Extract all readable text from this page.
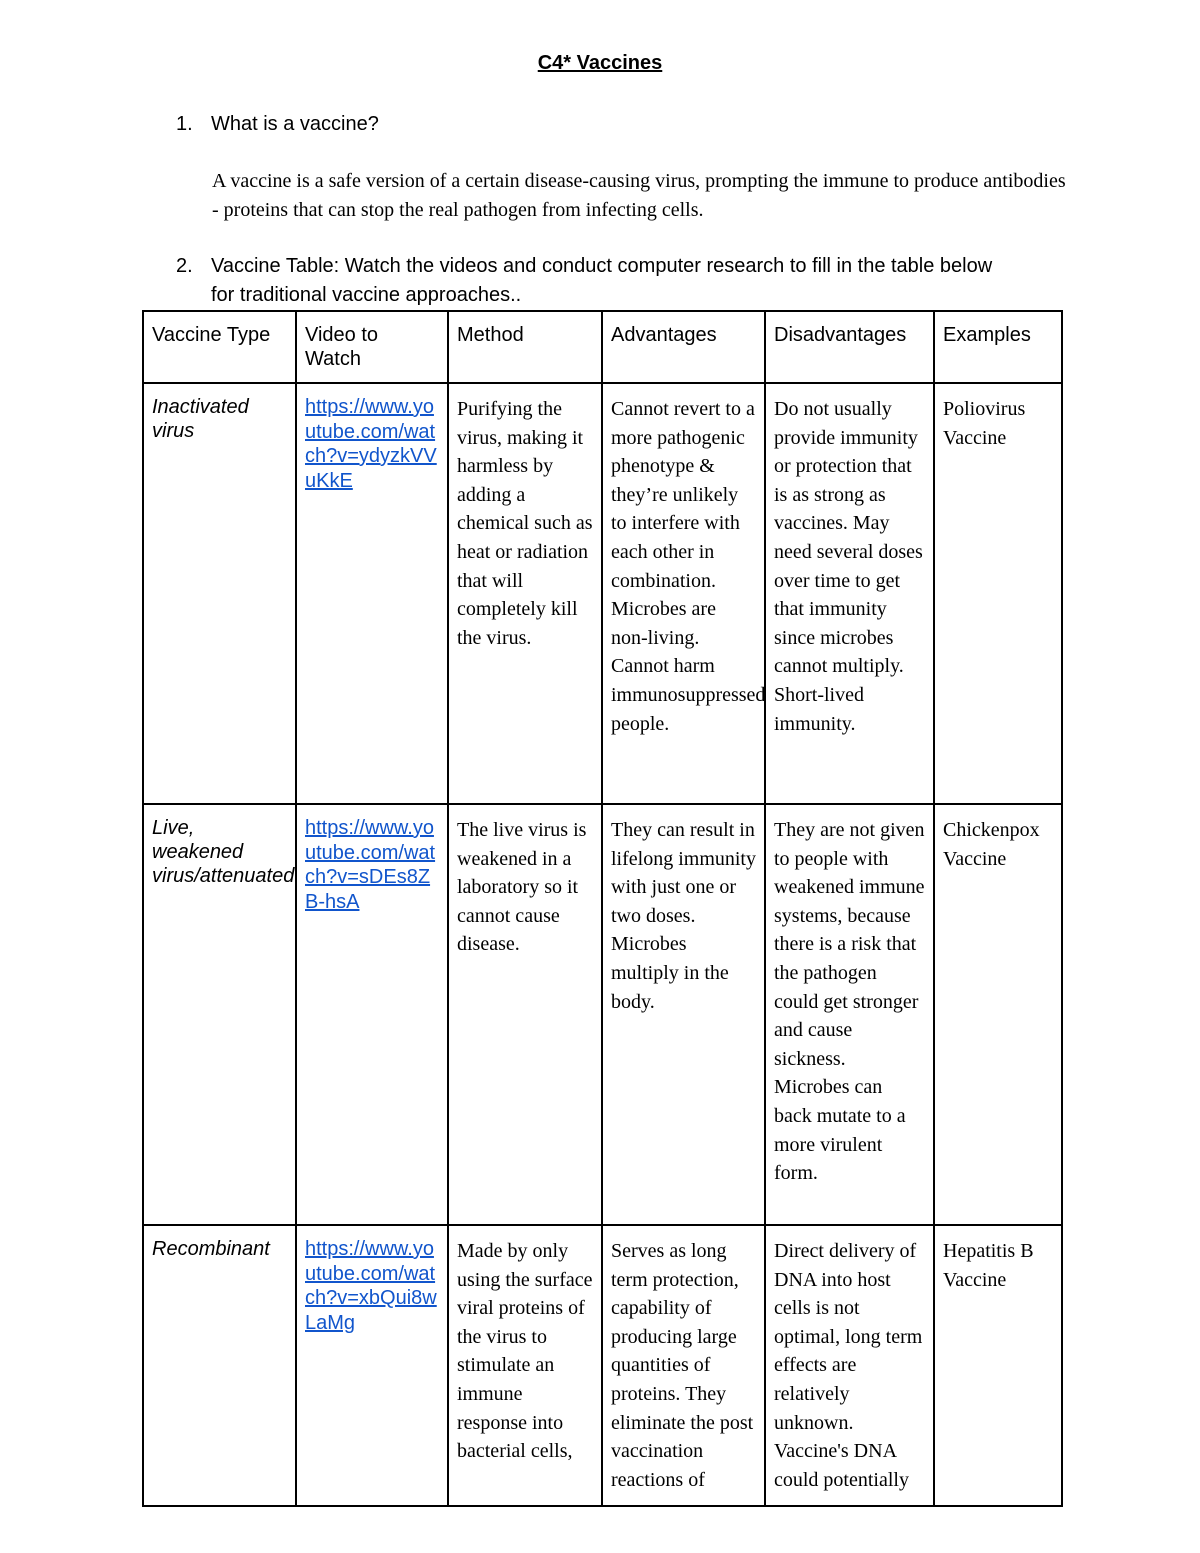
C4* Vaccines
1. What is a vaccine?
A vaccine is a safe version of a certain disease-causing virus, prompting the immune to produce antibodies - proteins that can stop the real pathogen from infecting cells.
2. Vaccine Table: Watch the videos and conduct computer research to fill in the table below
for traditional vaccine approaches..
Vaccine Type	Video to Watch	Method	Advantages	Disadvantages	Examples
Inactivated virus	https://www.youtube.com/watch?v=ydyzkVVuKkE	Purifying the virus, making it harmless by adding a chemical such as heat or radiation that will completely kill the virus.	Cannot revert to a more pathogenic phenotype & they’re unlikely to interfere with each other in combination. Microbes are non-living. Cannot harm immunosuppressed people.	Do not usually provide immunity or protection that is as strong as vaccines. May need several doses over time to get that immunity since microbes cannot multiply. Short-lived immunity.	Poliovirus Vaccine
Live, weakened virus/attenuated	https://www.youtube.com/watch?v=sDEs8ZB-hsA	The live virus is weakened in a laboratory so it cannot cause disease.	They can result in lifelong immunity with just one or two doses. Microbes multiply in the body.	They are not given to people with weakened immune systems, because there is a risk that the pathogen could get stronger and cause sickness. Microbes can back mutate to a more virulent form.	Chickenpox Vaccine
Recombinant	https://www.youtube.com/watch?v=xbQui8wLaMg	Made by only using the surface viral proteins of the virus to stimulate an immune response into bacterial cells,	Serves as long term protection, capability of producing large quantities of proteins. They eliminate the post vaccination reactions of	Direct delivery of DNA into host cells is not optimal, long term effects are relatively unknown. Vaccine's DNA could potentially	Hepatitis B Vaccine
